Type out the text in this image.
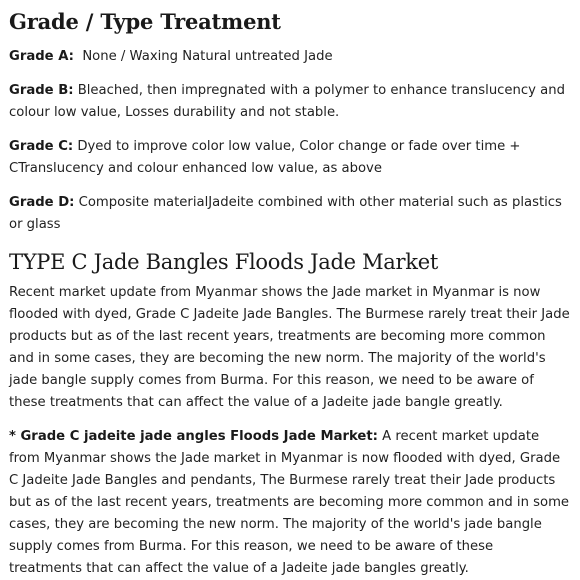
Grade / Type Treatment

Grade A:  None / Waxing Natural untreated Jade

Grade B: Bleached, then impregnated with a polymer to enhance translucency and colour low value, Losses durability and not stable.

Grade C: Dyed to improve color low value, Color change or fade over time + CTranslucency and colour enhanced low value, as above

Grade D: Composite materialJadeite combined with other material such as plastics or glass

TYPE C Jade Bangles Floods Jade Market

Recent market update from Myanmar shows the Jade market in Myanmar is now flooded with dyed, Grade C Jadeite Jade Bangles. The Burmese rarely treat their Jade products but as of the last recent years, treatments are becoming more common and in some cases, they are becoming the new norm. The majority of the world's jade bangle supply comes from Burma. For this reason, we need to be aware of these treatments that can affect the value of a Jadeite jade bangle greatly.

* Grade C jadeite jade angles Floods Jade Market: A recent market update from Myanmar shows the Jade market in Myanmar is now flooded with dyed, Grade C Jadeite Jade Bangles and pendants, The Burmese rarely treat their Jade products but as of the last recent years, treatments are becoming more common and in some cases, they are becoming the new norm. The majority of the world's jade bangle supply comes from Burma. For this reason, we need to be aware of these treatments that can affect the value of a Jadeite jade bangles greatly.
